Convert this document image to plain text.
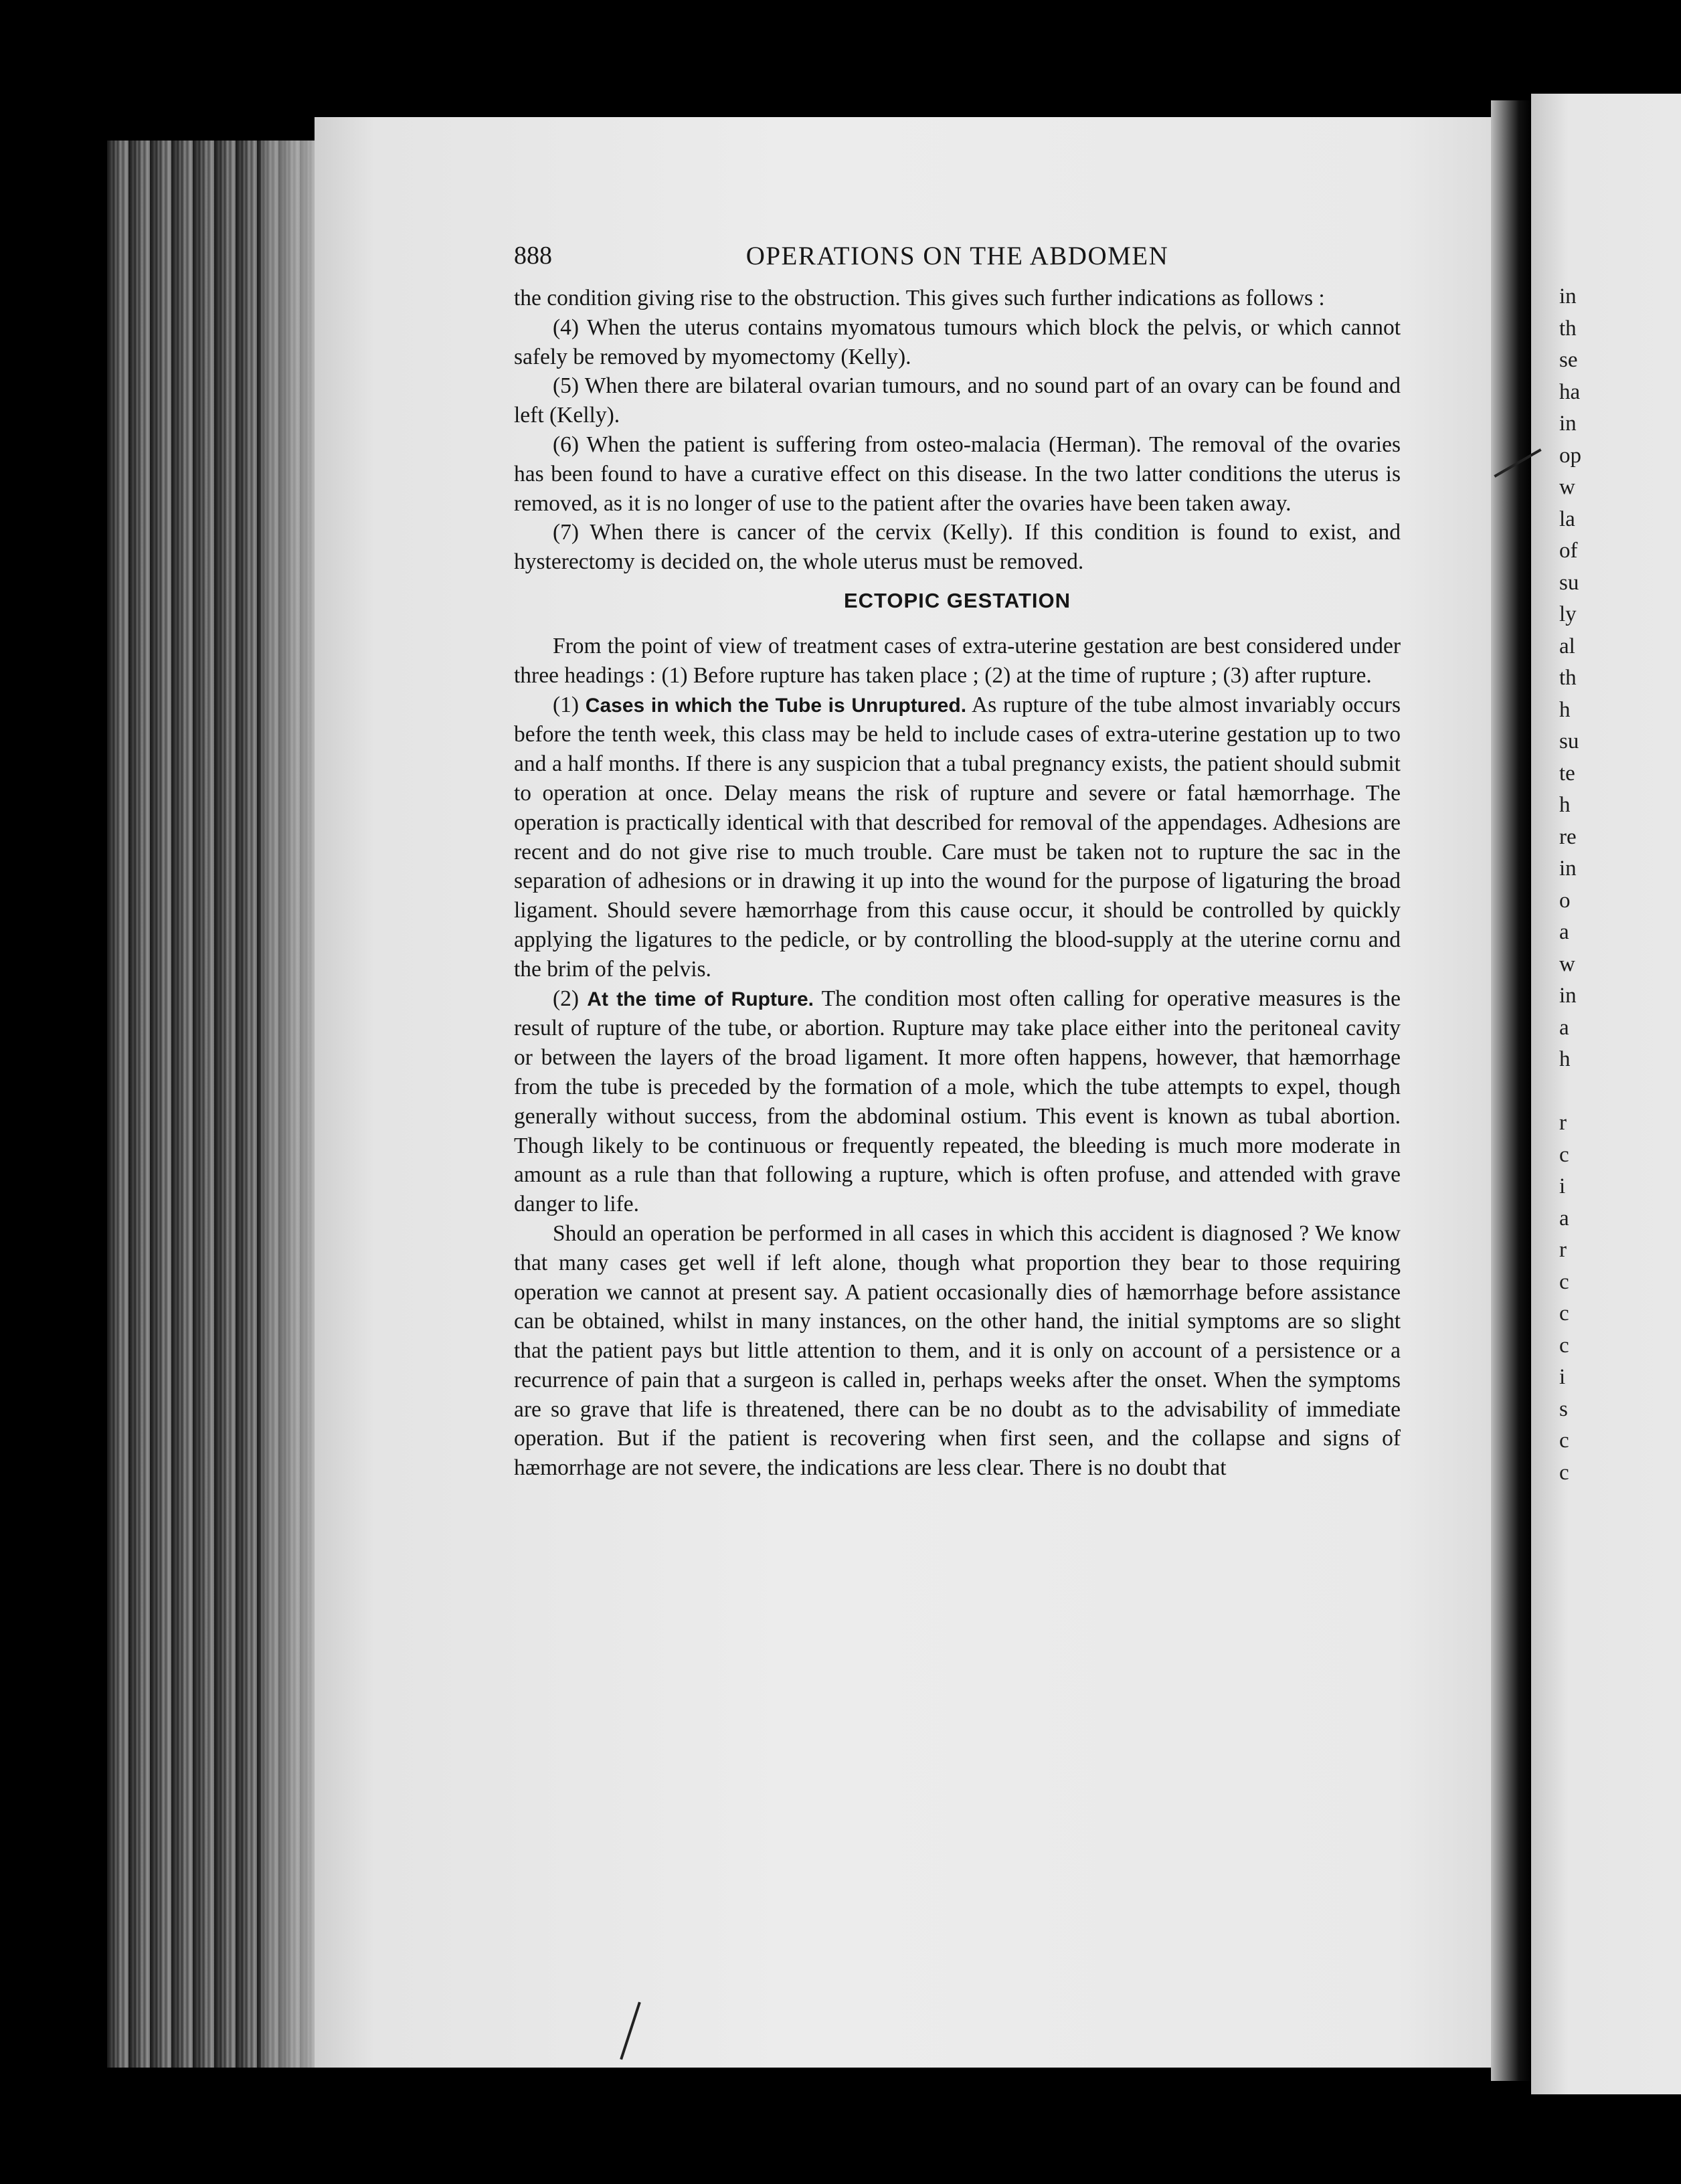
888	OPERATIONS ON THE ABDOMEN

the condition giving rise to the obstruction. This gives such further indications as follows :

(4) When the uterus contains myomatous tumours which block the pelvis, or which cannot safely be removed by myomectomy (Kelly).

(5) When there are bilateral ovarian tumours, and no sound part of an ovary can be found and left (Kelly).

(6) When the patient is suffering from osteo-malacia (Herman). The removal of the ovaries has been found to have a curative effect on this disease. In the two latter conditions the uterus is removed, as it is no longer of use to the patient after the ovaries have been taken away.

(7) When there is cancer of the cervix (Kelly). If this condition is found to exist, and hysterectomy is decided on, the whole uterus must be removed.

ECTOPIC GESTATION

From the point of view of treatment cases of extra-uterine gestation are best considered under three headings : (1) Before rupture has taken place ; (2) at the time of rupture ; (3) after rupture.

(1) Cases in which the Tube is Unruptured. As rupture of the tube almost invariably occurs before the tenth week, this class may be held to include cases of extra-uterine gestation up to two and a half months. If there is any suspicion that a tubal pregnancy exists, the patient should submit to operation at once. Delay means the risk of rupture and severe or fatal hæmorrhage. The operation is practically identical with that described for removal of the appendages. Adhesions are recent and do not give rise to much trouble. Care must be taken not to rupture the sac in the separation of adhesions or in drawing it up into the wound for the purpose of ligaturing the broad ligament. Should severe hæmorrhage from this cause occur, it should be controlled by quickly applying the ligatures to the pedicle, or by controlling the blood-supply at the uterine cornu and the brim of the pelvis.

(2) At the time of Rupture. The condition most often calling for operative measures is the result of rupture of the tube, or abortion. Rupture may take place either into the peritoneal cavity or between the layers of the broad ligament. It more often happens, however, that hæmorrhage from the tube is preceded by the formation of a mole, which the tube attempts to expel, though generally without success, from the abdominal ostium. This event is known as tubal abortion. Though likely to be continuous or frequently repeated, the bleeding is much more moderate in amount as a rule than that following a rupture, which is often profuse, and attended with grave danger to life.

Should an operation be performed in all cases in which this accident is diagnosed ? We know that many cases get well if left alone, though what proportion they bear to those requiring operation we cannot at present say. A patient occasionally dies of hæmorrhage before assistance can be obtained, whilst in many instances, on the other hand, the initial symptoms are so slight that the patient pays but little attention to them, and it is only on account of a persistence or a recurrence of pain that a surgeon is called in, perhaps weeks after the onset. When the symptoms are so grave that life is threatened, there can be no doubt as to the advisability of immediate operation. But if the patient is recovering when first seen, and the collapse and signs of hæmorrhage are not severe, the indications are less clear. There is no doubt that

in
th
se
ha
in
op
w
la
of
su
ly
al
th
h
su
te
h
re
in
o
a
w
in
a
h

r
c
i
a
r
c
c
c
i
s
c
c
